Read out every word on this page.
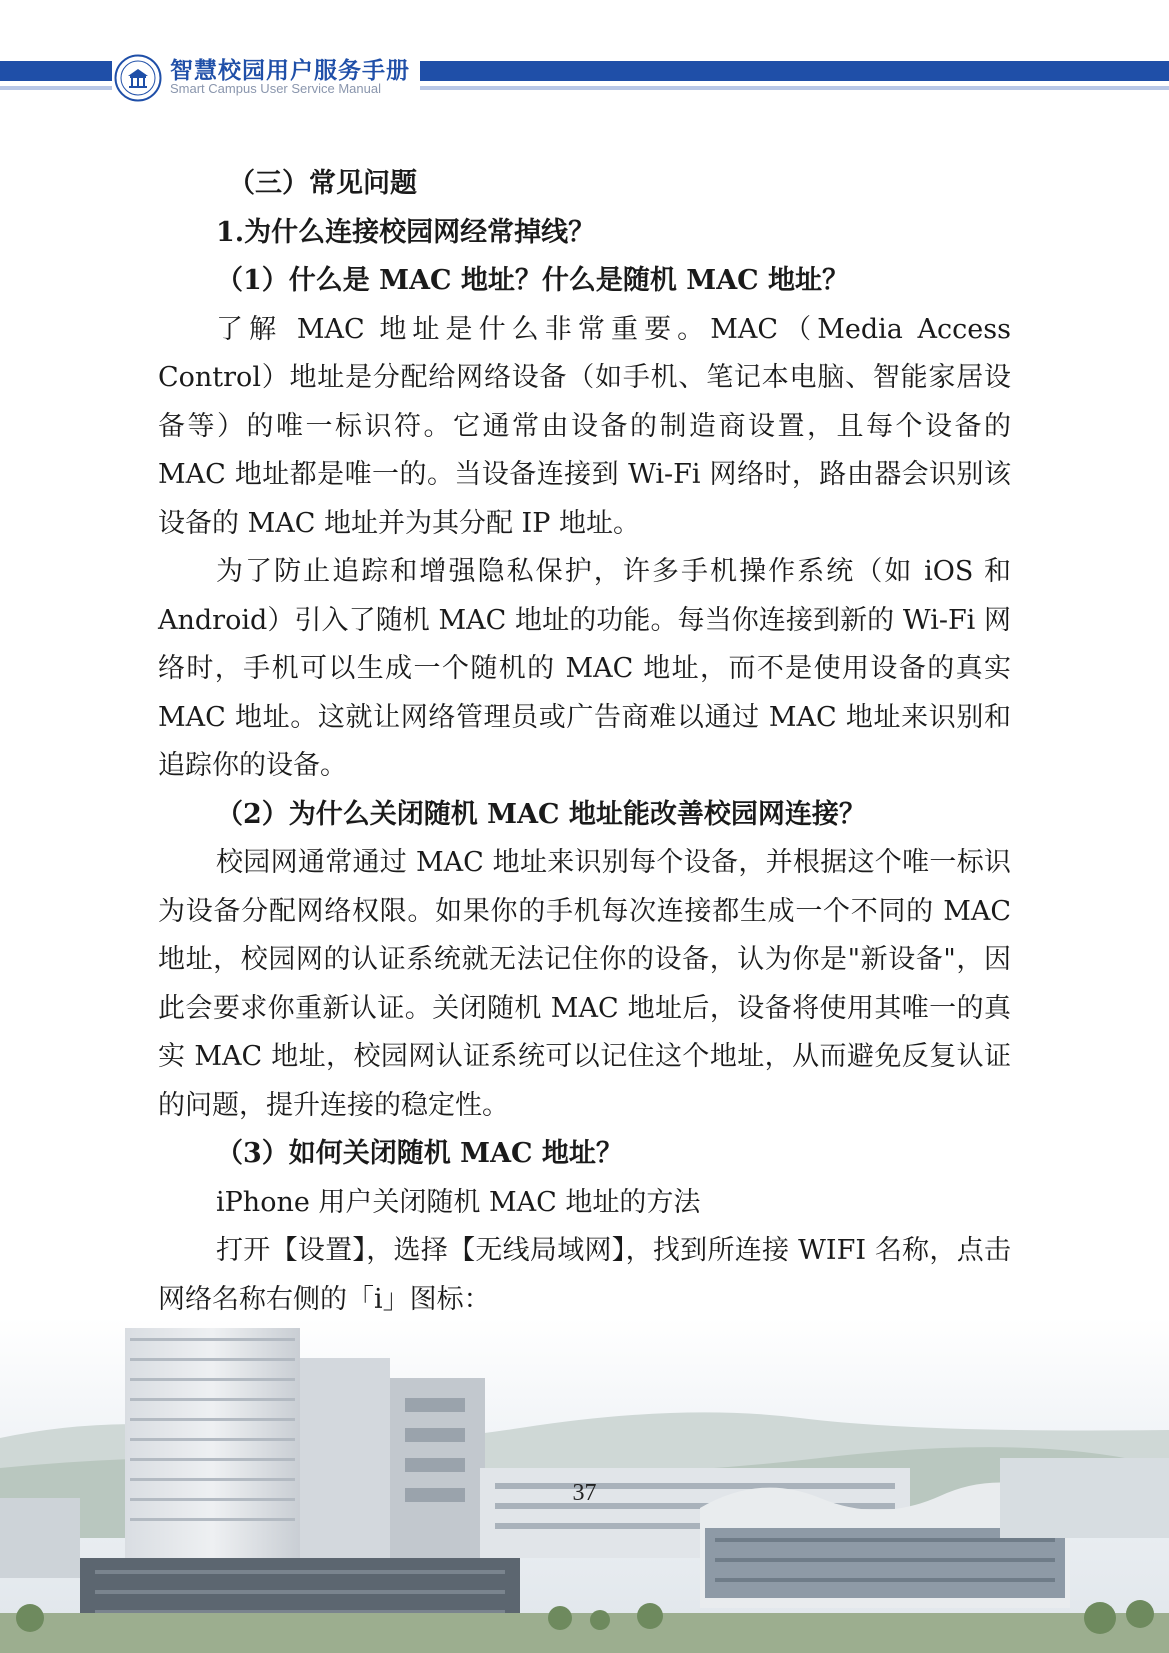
智慧校园用户服务手册
Smart Campus User Service Manual

（三）常见问题

1.为什么连接校园网经常掉线？

（1）什么是 MAC 地址？什么是随机 MAC 地址？

了解 MAC 地址是什么非常重要。MAC（Media Access Control）地址是分配给网络设备（如手机、笔记本电脑、智能家居设备等）的唯一标识符。它通常由设备的制造商设置，且每个设备的 MAC 地址都是唯一的。当设备连接到 Wi-Fi 网络时，路由器会识别该设备的 MAC 地址并为其分配 IP 地址。

为了防止追踪和增强隐私保护，许多手机操作系统（如 iOS 和 Android）引入了随机 MAC 地址的功能。每当你连接到新的 Wi-Fi 网络时，手机可以生成一个随机的 MAC 地址，而不是使用设备的真实 MAC 地址。这就让网络管理员或广告商难以通过 MAC 地址来识别和追踪你的设备。

（2）为什么关闭随机 MAC 地址能改善校园网连接？

校园网通常通过 MAC 地址来识别每个设备，并根据这个唯一标识为设备分配网络权限。如果你的手机每次连接都生成一个不同的 MAC 地址，校园网的认证系统就无法记住你的设备，认为你是"新设备"，因此会要求你重新认证。关闭随机 MAC 地址后，设备将使用其唯一的真实 MAC 地址，校园网认证系统可以记住这个地址，从而避免反复认证的问题，提升连接的稳定性。

（3）如何关闭随机 MAC 地址？

iPhone 用户关闭随机 MAC 地址的方法

打开【设置】，选择【无线局域网】，找到所连接 WIFI 名称，点击网络名称右侧的「i」图标：

37
